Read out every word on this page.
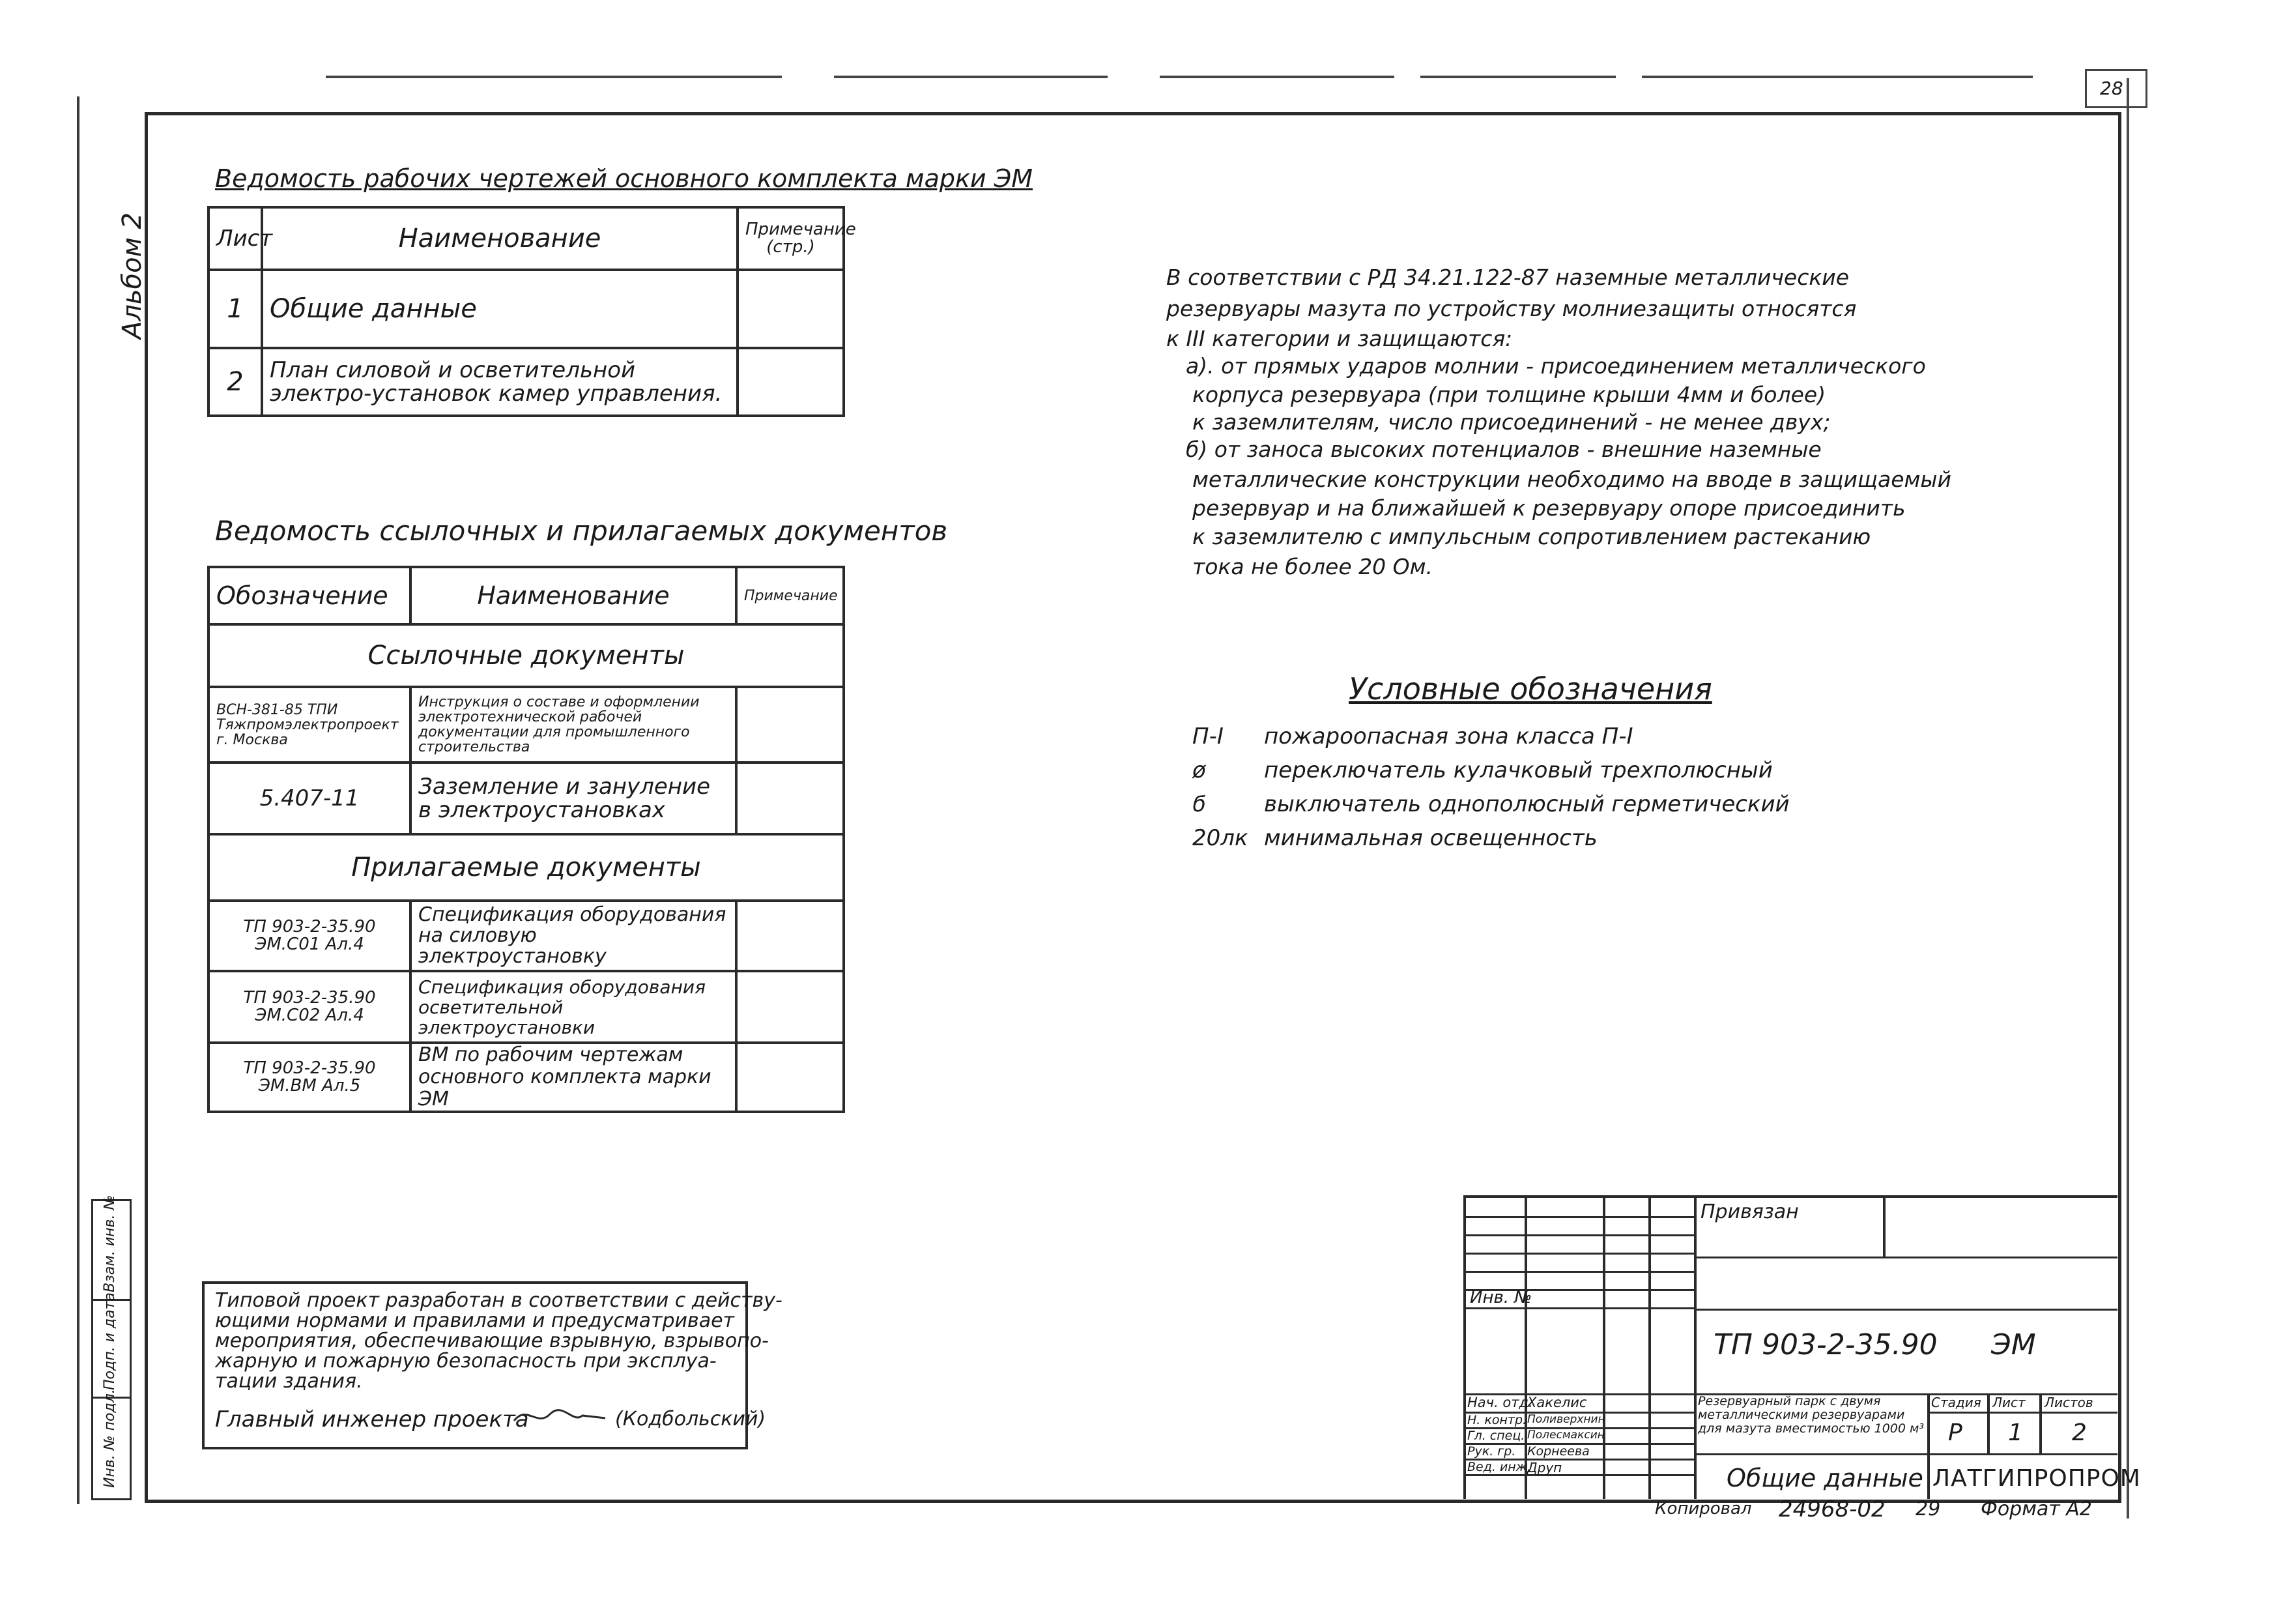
28
Альбом 2
Ведомость рабочих чертежей основного комплекта марки ЭМ
Лист	Наименование	Примечание (стр.)
1	Общие данные	
2	План силовой и осветительной электро-установок камер управления.	
Ведомость ссылочных и прилагаемых документов
Обозначение	Наименование	Примечание
Ссылочные документы		
ВСН-381-85 ТПИ Тяжпромэлектропроект г. Москва	Инструкция о составе и оформлении электротехнической рабочей документации для промышленного строительства	
5.407-11	Заземление и зануление в электроустановках	
Прилагаемые документы		
ТП 903-2-35.90 ЭМ.С01 Ал.4	Спецификация оборудования на силовую электроустановку	
ТП 903-2-35.90 ЭМ.С02 Ал.4	Спецификация оборудования осветительной электроустановки	
ТП 903-2-35.90 ЭМ.ВМ Ал.5	ВМ по рабочим чертежам основного комплекта марки ЭМ	
В соответствии с РД 34.21.122-87 наземные металлические
резервуары мазута по устройству молниезащиты относятся
к III категории и защищаются:
а). от прямых ударов молнии - присоединением металлического
корпуса резервуара (при толщине крыши 4мм и более)
к заземлителям, число присоединений - не менее двух;
б) от заноса высоких потенциалов - внешние наземные
металлические конструкции необходимо на вводе в защищаемый
резервуар и на ближайшей к резервуару опоре присоединить
к заземлителю с импульсным сопротивлением растеканию
тока не более 20 Ом.
Условные обозначения
П-I пожароопасная зона класса П-I
ø	переключатель кулачковый трехполюсный
ϭ	выключатель однополюсный герметический
20лк минимальная освещенность
Типовой проект разработан в соответствии с действу-
ющими нормами и правилами и предусматривает
мероприятия, обеспечивающие взрывную, взрывопо-
жарную и пожарную безопасность при эксплуа-
тации здания.
Главный инженер проекта	(Кодбольский)
Инв. № подл.
Подп. и дата
Взам. инв. №	Привязан
Инв. №
ТП 903-2-35.90 ЭМ
Нач. отд.
Хакелис
Н. контр. Поливерхнин
Гл. спец. Полесмаксин
Рук. гр. Корнеева
Вед. инж.
Друп
Резервуарный парк с двумя металлическими резервуарами для мазута вместимостью 1000 м³
Стадия Лист Листов
Р 1 2
Общие данные ЛАТГИПРОПРОМ
Копировал 24968-02 29 Формат А2
